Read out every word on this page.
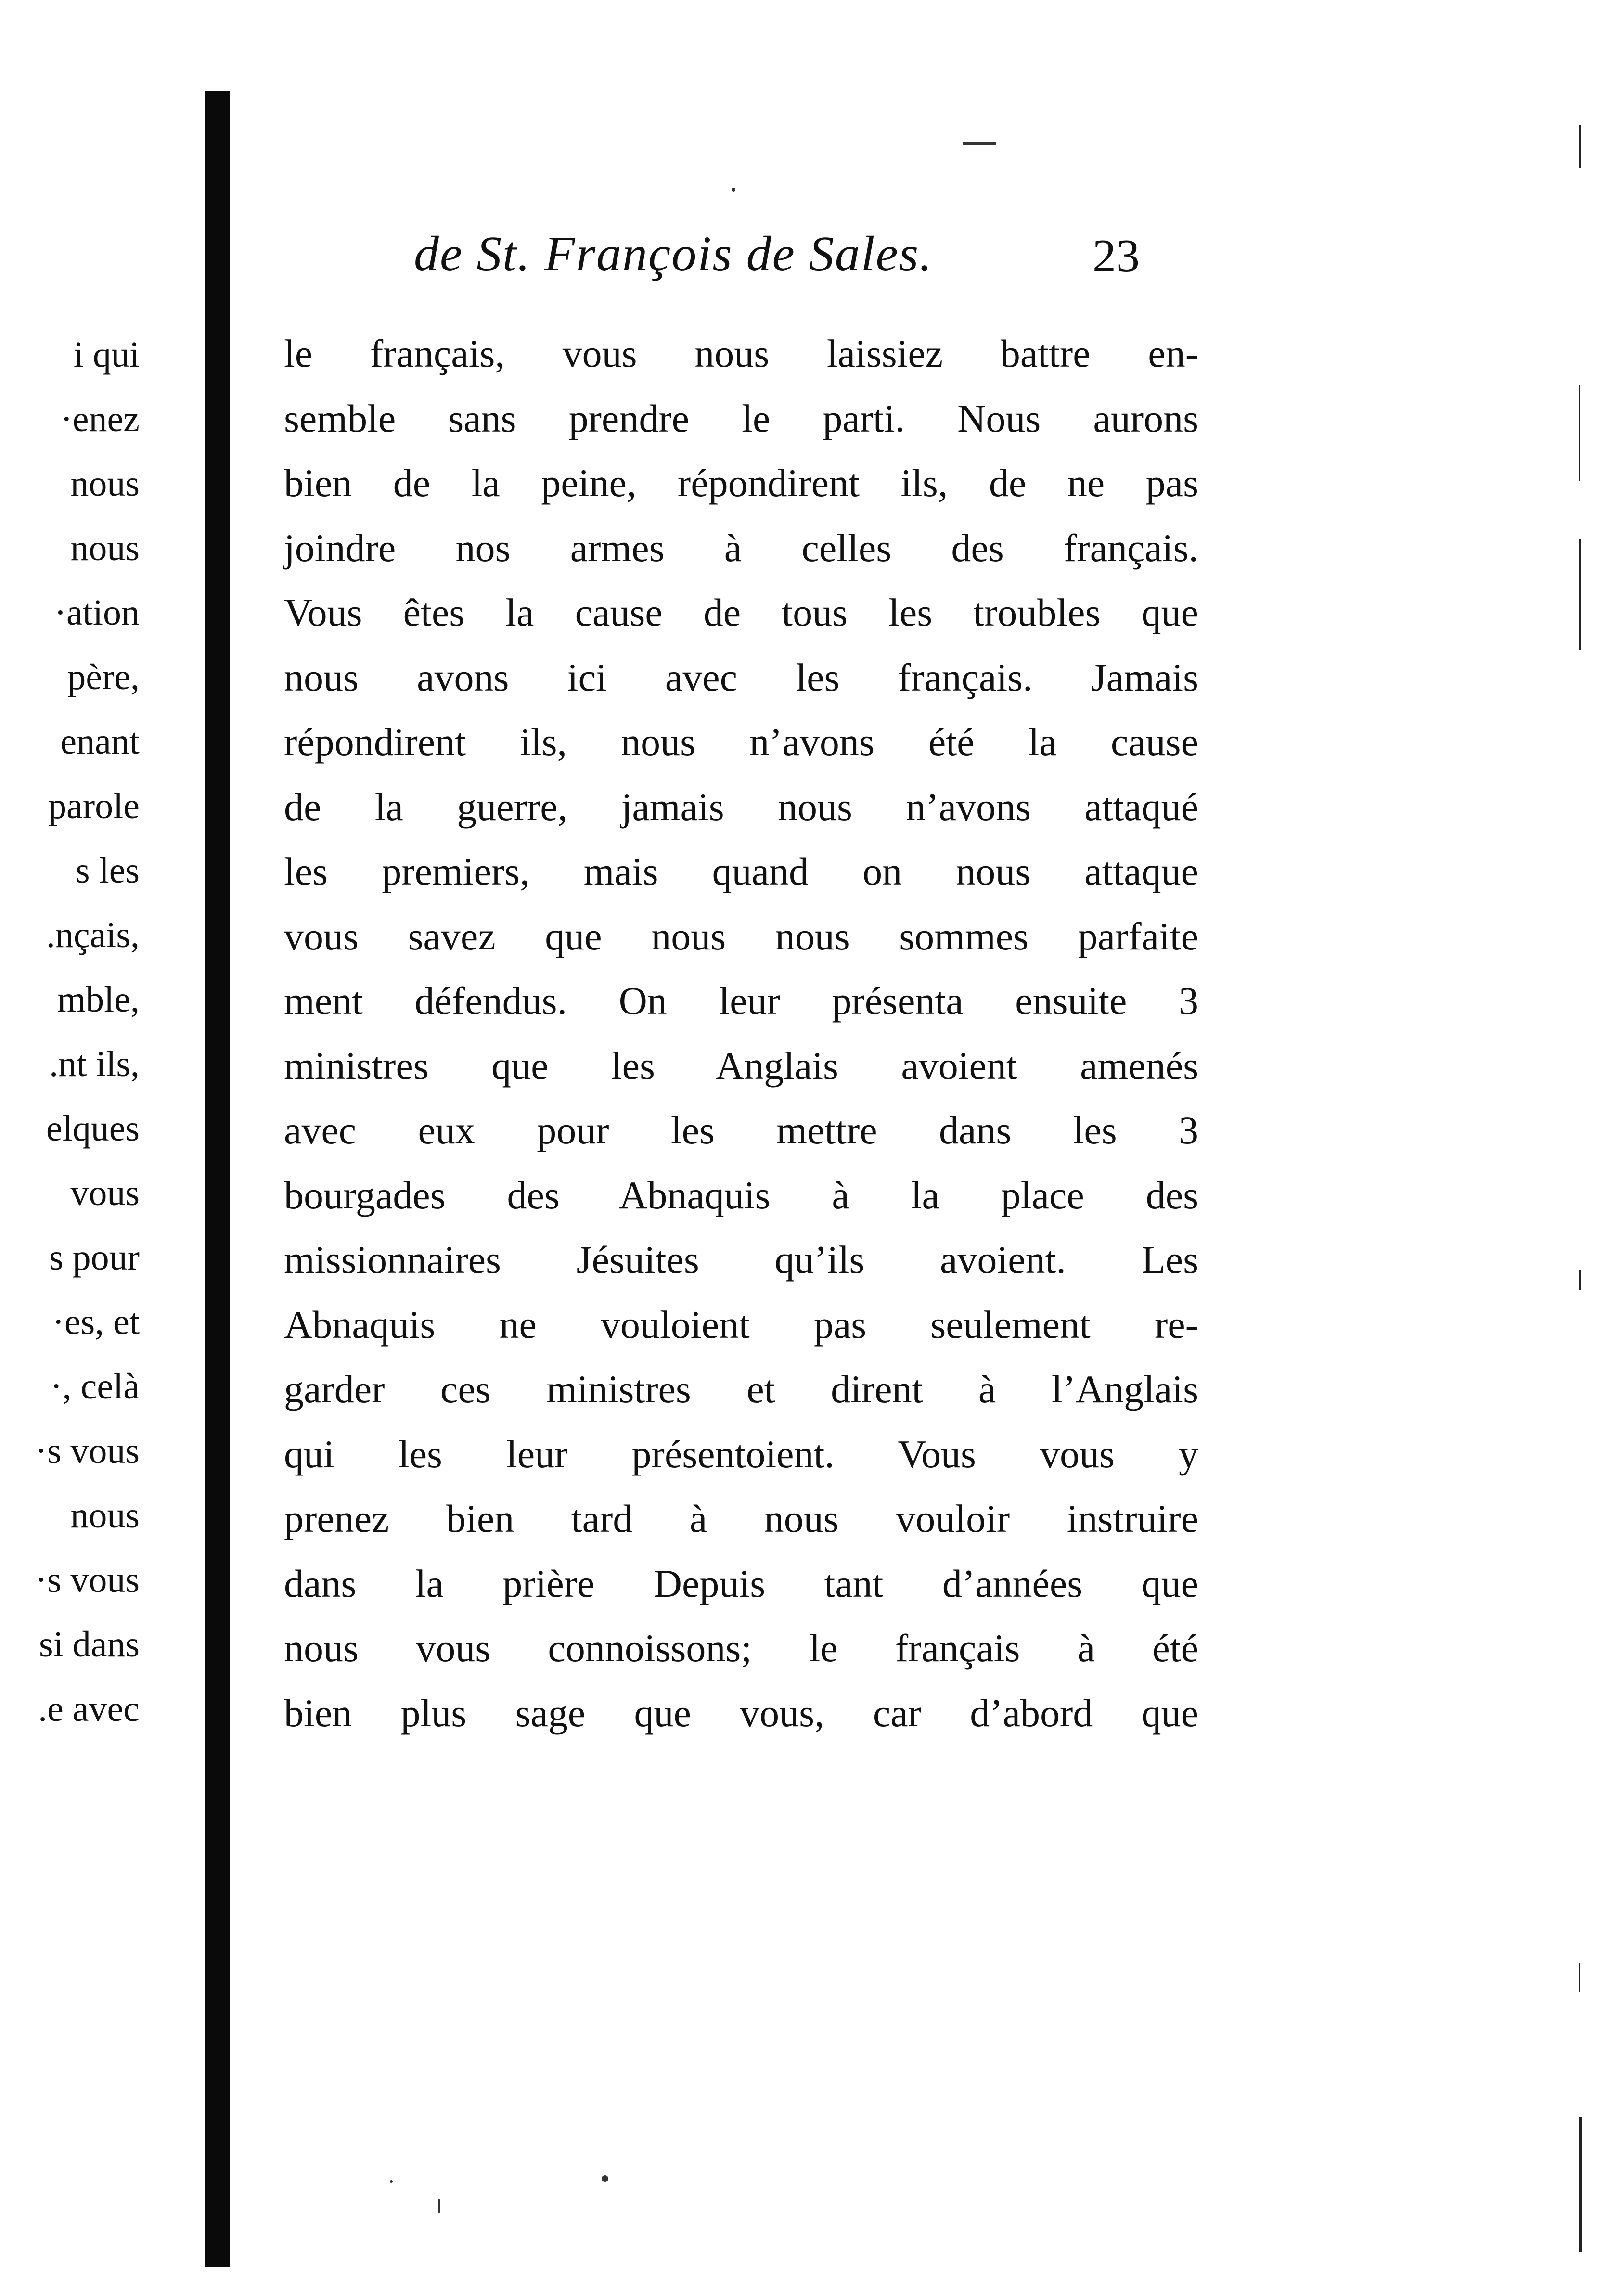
i qui
·enez
nous
nous
·ation
père,
enant
parole
s les
.nçais,
mble,
.nt ils,
elques
vous
s pour
·es, et
·, celà
·s vous
nous
·s vous
si dans
.e avec
de St. François de Sales.	23
le français, vous nous laissiez battre en-
semble sans prendre le parti. Nous aurons
bien de la peine, répondirent ils, de ne pas
joindre nos armes à celles des français.
Vous êtes la cause de tous les troubles que
nous avons ici avec les français. Jamais
répondirent ils, nous n’avons été la cause
de la guerre, jamais nous n’avons attaqué
les premiers, mais quand on nous attaque
vous savez que nous nous sommes parfaite
ment défendus. On leur présenta ensuite 3
ministres que les Anglais avoient amenés
avec eux pour les mettre dans les 3
bourgades des Abnaquis à la place des
missionnaires Jésuites qu’ils avoient. Les
Abnaquis ne vouloient pas seulement re-
garder ces ministres et dirent à l’Anglais
qui les leur présentoient. Vous vous y
prenez bien tard à nous vouloir instruire
dans la prière Depuis tant d’années que
nous vous connoissons; le français à été
bien plus sage que vous, car d’abord que
